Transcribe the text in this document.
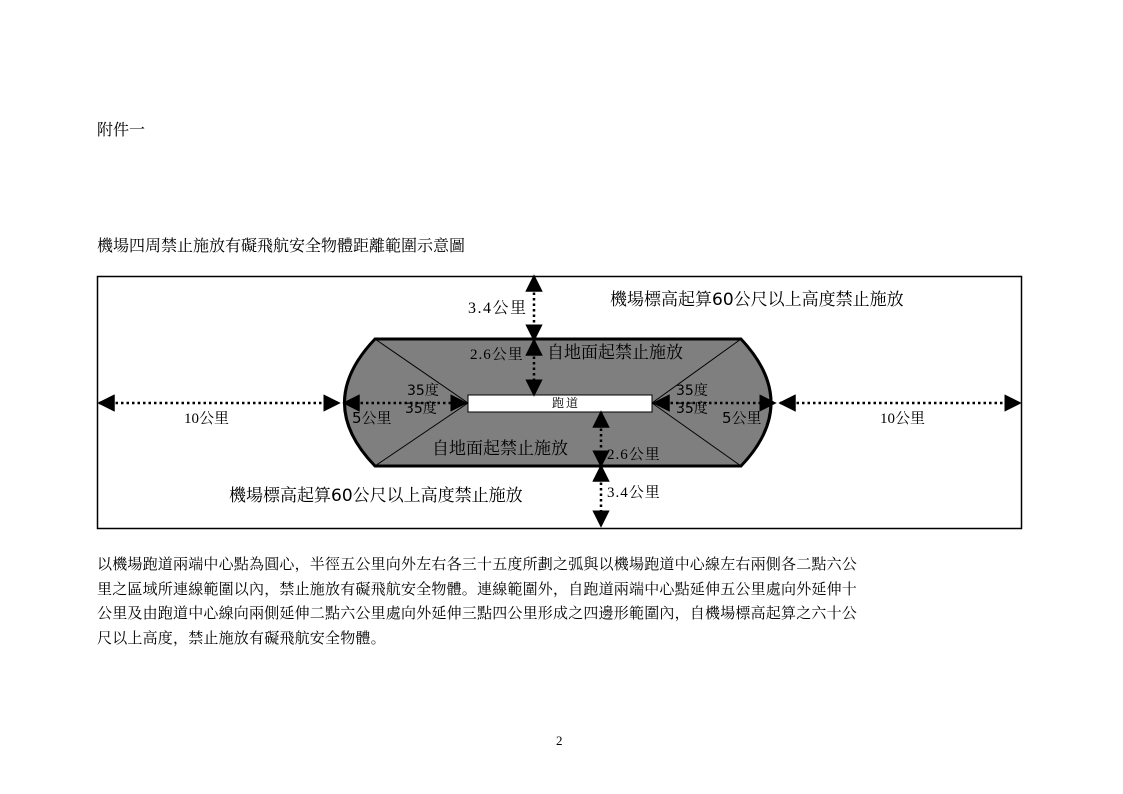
附件一
機場四周禁止施放有礙飛航安全物體距離範圍示意圖
3.4公里	機場標高起算60公尺以上高度禁止施放
2.6公里 自地面起禁止施放
35度
35度
35度
35度
跑道
10公里	5公里	5公里	10公里
自地面起禁止施放	2.6公里
3.4公里
機場標高起算60公尺以上高度禁止施放
以機場跑道兩端中心點為圓心，半徑五公里向外左右各三十五度所劃之弧與以機場跑道中心線左右兩側各二點六公
里之區域所連線範圍以內，禁止施放有礙飛航安全物體。連線範圍外，自跑道兩端中心點延伸五公里處向外延伸十
公里及由跑道中心線向兩側延伸二點六公里處向外延伸三點四公里形成之四邊形範圍內，自機場標高起算之六十公
尺以上高度，禁止施放有礙飛航安全物體。
2
